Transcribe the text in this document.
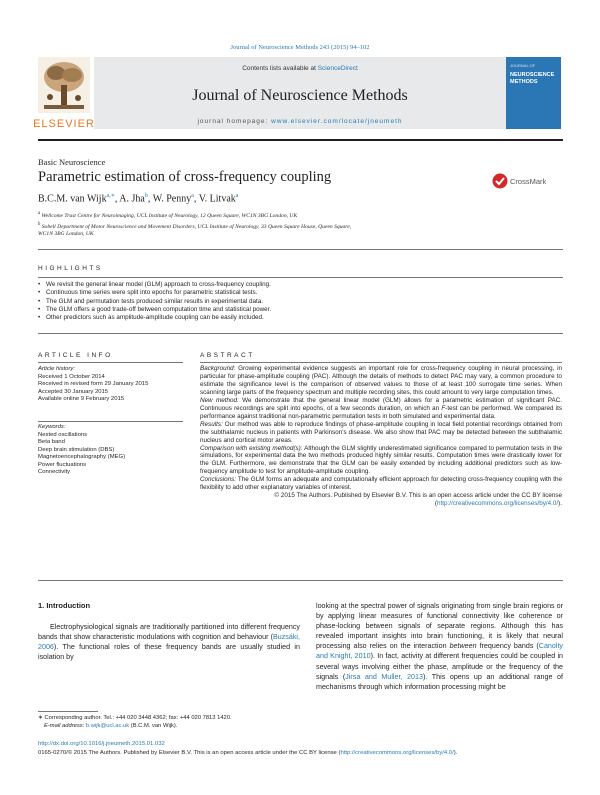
Journal of Neuroscience Methods 243 (2015) 94–102
Contents lists available at ScienceDirect
Journal of Neuroscience Methods
journal homepage: www.elsevier.com/locate/jneumeth
ELSEVIER
JOURNAL OF
NEUROSCIENCE METHODS
Basic Neuroscience
Parametric estimation of cross-frequency coupling	CrossMark
B.C.M. van Wijk$^{a,∗}$, A. Jha$^b$, W. Penny$^a$, V. Litvak$^a$
$^a$ Wellcome Trust Centre for Neuroimaging, UCL Institute of Neurology, 12 Queen Square, WC1N 3BG London, UK
$^b$ Sobell Department of Motor Neuroscience and Movement Disorders, UCL Institute of Neurology, 33 Queen Square House, Queen Square,
WC1N 3BG London, UK
HIGHLIGHTS
• We revisit the general linear model (GLM) approach to cross-frequency coupling.
• Continuous time series were split into epochs for parametric statistical tests.
• The GLM and permutation tests produced similar results in experimental data.
• The GLM offers a good trade-off between computation time and statistical power.
• Other predictors such as amplitude-amplitude coupling can be easily included.
ARTICLE INFO
Article history:
Received 1 October 2014
Received in revised form 29 January 2015
Accepted 30 January 2015
Available online 9 February 2015
Keywords:
Nested oscillations
Beta band
Deep brain stimulation (DBS)
Magnetoencephalography (MEG)
Power fluctuations
Connectivity
ABSTRACT

Background: Growing experimental evidence suggests an important role for cross-frequency coupling in neural processing, in particular for phase-amplitude coupling (PAC). Although the details of methods to detect PAC may vary, a common procedure to estimate the significance level is the comparison of observed values to those of at least 100 surrogate time series. When scanning large parts of the frequency spectrum and multiple recording sites, this could amount to very large computation times.

New method: We demonstrate that the general linear model (GLM) allows for a parametric estimation of significant PAC. Continuous recordings are split into epochs, of a few seconds duration, on which an F-test can be performed. We compared its performance against traditional non-parametric permutation tests in both simulated and experimental data.

Results: Our method was able to reproduce findings of phase-amplitude coupling in local field potential recordings obtained from the subthalamic nucleus in patients with Parkinson's disease. We also show that PAC may be detected between the subthalamic nucleus and cortical motor areas.

Comparison with existing method(s): Although the GLM slightly underestimated significance compared to permutation tests in the simulations, for experimental data the two methods produced highly similar results. Computation times were drastically lower for the GLM. Furthermore, we demonstrate that the GLM can be easily extended by including additional predictors such as low-frequency amplitude to test for amplitude-amplitude coupling.

Conclusions: The GLM forms an adequate and computationally efficient approach for detecting cross-frequency coupling with the flexibility to add other explanatory variables of interest.

© 2015 The Authors. Published by Elsevier B.V. This is an open access article under the CC BY license
(http://creativecommons.org/licenses/by/4.0/).

1. Introduction

Electrophysiological signals are traditionally partitioned into different frequency bands that show characteristic modulations with cognition and behaviour (Buzsáki, 2006). The functional roles of these frequency bands are usually studied in isolation by

looking at the spectral power of signals originating from single brain regions or by applying linear measures of functional connectivity like coherence or phase-locking between signals of separate regions. Although this has revealed important insights into brain functioning, it is likely that neural processing also relies on the interaction between frequency bands (Canolty and Knight, 2010). In fact, activity at different frequencies could be coupled in several ways involving either the phase, amplitude or the frequency of the signals (Jirsa and Muller, 2013). This opens up an additional range of mechanisms through which information processing might be

∗ Corresponding author. Tel.: +44 020 3448 4362; fax: +44 020 7813 1420.
E-mail address: b.wijk@ucl.ac.uk (B.C.M. van Wijk).
http://dx.doi.org/10.1016/j.jneumeth.2015.01.032
0165-0270/© 2015 The Authors. Published by Elsevier B.V. This is an open access article under the CC BY license (http://creativecommons.org/licenses/by/4.0/).
